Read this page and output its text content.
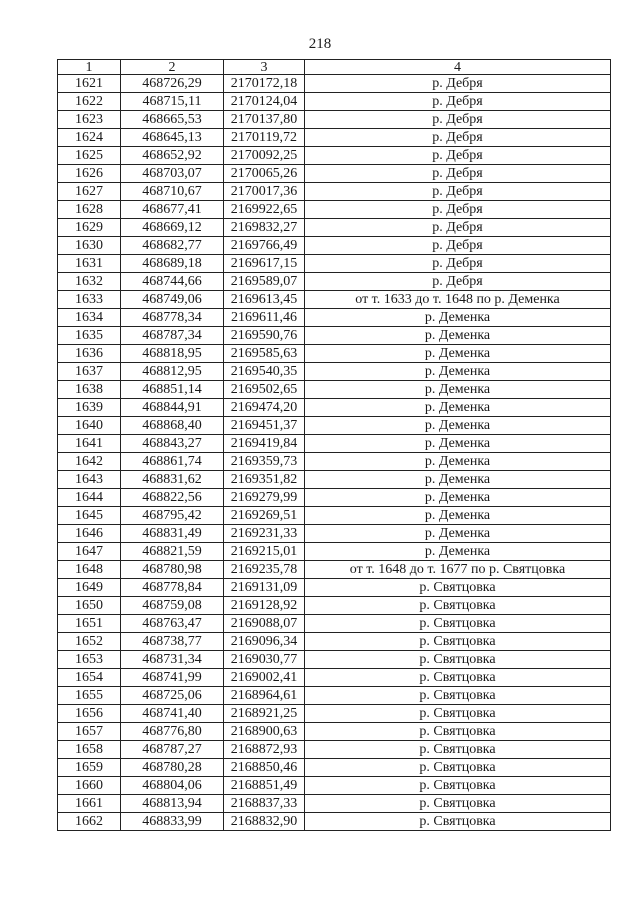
218
1	2	3	4
1621	468726,29	2170172,18	р. Дебря
1622	468715,11	2170124,04	р. Дебря
1623	468665,53	2170137,80	р. Дебря
1624	468645,13	2170119,72	р. Дебря
1625	468652,92	2170092,25	р. Дебря
1626	468703,07	2170065,26	р. Дебря
1627	468710,67	2170017,36	р. Дебря
1628	468677,41	2169922,65	р. Дебря
1629	468669,12	2169832,27	р. Дебря
1630	468682,77	2169766,49	р. Дебря
1631	468689,18	2169617,15	р. Дебря
1632	468744,66	2169589,07	р. Дебря
1633	468749,06	2169613,45	от т. 1633 до т. 1648 по р. Деменка
1634	468778,34	2169611,46	р. Деменка
1635	468787,34	2169590,76	р. Деменка
1636	468818,95	2169585,63	р. Деменка
1637	468812,95	2169540,35	р. Деменка
1638	468851,14	2169502,65	р. Деменка
1639	468844,91	2169474,20	р. Деменка
1640	468868,40	2169451,37	р. Деменка
1641	468843,27	2169419,84	р. Деменка
1642	468861,74	2169359,73	р. Деменка
1643	468831,62	2169351,82	р. Деменка
1644	468822,56	2169279,99	р. Деменка
1645	468795,42	2169269,51	р. Деменка
1646	468831,49	2169231,33	р. Деменка
1647	468821,59	2169215,01	р. Деменка
1648	468780,98	2169235,78	от т. 1648 до т. 1677 по р. Святцовка
1649	468778,84	2169131,09	р. Святцовка
1650	468759,08	2169128,92	р. Святцовка
1651	468763,47	2169088,07	р. Святцовка
1652	468738,77	2169096,34	р. Святцовка
1653	468731,34	2169030,77	р. Святцовка
1654	468741,99	2169002,41	р. Святцовка
1655	468725,06	2168964,61	р. Святцовка
1656	468741,40	2168921,25	р. Святцовка
1657	468776,80	2168900,63	р. Святцовка
1658	468787,27	2168872,93	р. Святцовка
1659	468780,28	2168850,46	р. Святцовка
1660	468804,06	2168851,49	р. Святцовка
1661	468813,94	2168837,33	р. Святцовка
1662	468833,99	2168832,90	р. Святцовка
